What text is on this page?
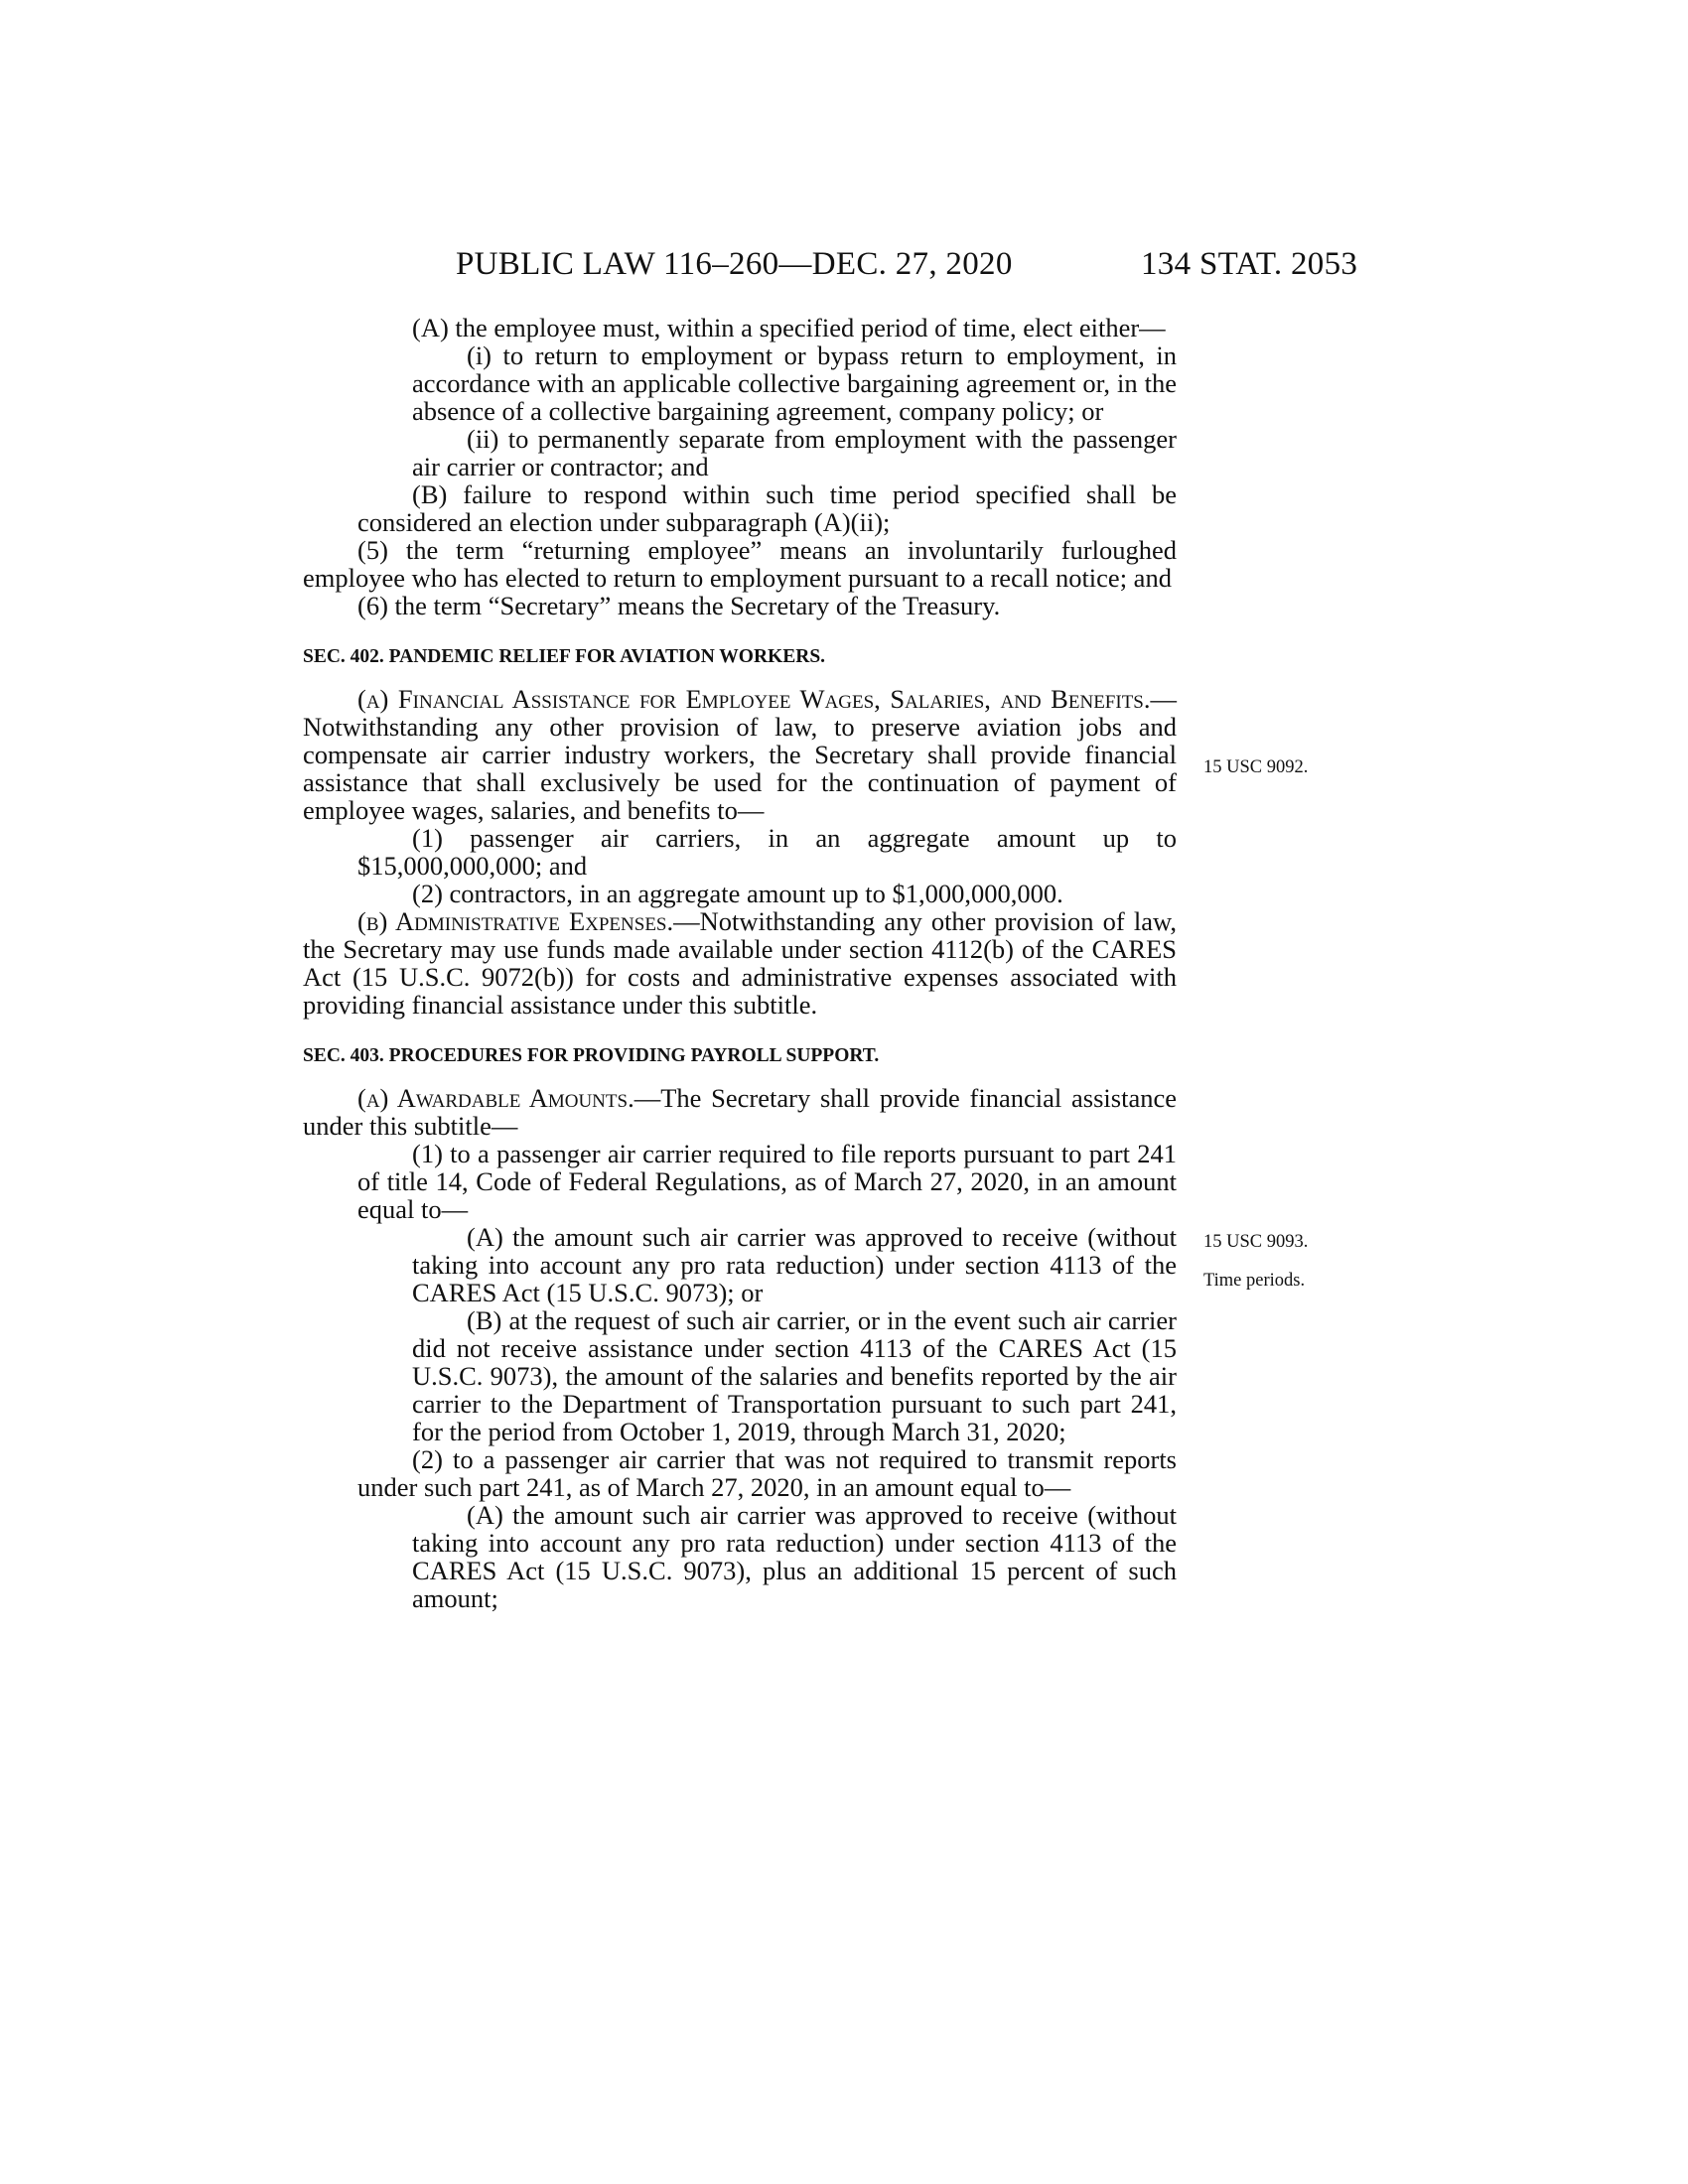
PUBLIC LAW 116–260—DEC. 27, 2020	134 STAT. 2053

(A) the employee must, within a specified period of time, elect either—

(i) to return to employment or bypass return to employment, in accordance with an applicable collective bargaining agreement or, in the absence of a collective bargaining agreement, company policy; or

(ii) to permanently separate from employment with the passenger air carrier or contractor; and

(B) failure to respond within such time period specified shall be considered an election under subparagraph (A)(ii);

(5) the term “returning employee” means an involuntarily furloughed employee who has elected to return to employment pursuant to a recall notice; and

(6) the term “Secretary” means the Secretary of the Treasury.

SEC. 402. PANDEMIC RELIEF FOR AVIATION WORKERS.

(a) Financial Assistance for Employee Wages, Salaries, and Benefits.—Notwithstanding any other provision of law, to preserve aviation jobs and compensate air carrier industry workers, the Secretary shall provide financial assistance that shall exclusively be used for the continuation of payment of employee wages, salaries, and benefits to—

(1) passenger air carriers, in an aggregate amount up to $15,000,000,000; and

(2) contractors, in an aggregate amount up to $1,000,000,000.

(b) Administrative Expenses.—Notwithstanding any other provision of law, the Secretary may use funds made available under section 4112(b) of the CARES Act (15 U.S.C. 9072(b)) for costs and administrative expenses associated with providing financial assistance under this subtitle.

SEC. 403. PROCEDURES FOR PROVIDING PAYROLL SUPPORT.

(a) Awardable Amounts.—The Secretary shall provide financial assistance under this subtitle—

(1) to a passenger air carrier required to file reports pursuant to part 241 of title 14, Code of Federal Regulations, as of March 27, 2020, in an amount equal to—

(A) the amount such air carrier was approved to receive (without taking into account any pro rata reduction) under section 4113 of the CARES Act (15 U.S.C. 9073); or

(B) at the request of such air carrier, or in the event such air carrier did not receive assistance under section 4113 of the CARES Act (15 U.S.C. 9073), the amount of the salaries and benefits reported by the air carrier to the Department of Transportation pursuant to such part 241, for the period from October 1, 2019, through March 31, 2020;

(2) to a passenger air carrier that was not required to transmit reports under such part 241, as of March 27, 2020, in an amount equal to—

(A) the amount such air carrier was approved to receive (without taking into account any pro rata reduction) under section 4113 of the CARES Act (15 U.S.C. 9073), plus an additional 15 percent of such amount;

15 USC 9092.
15 USC 9093.
Time periods.
